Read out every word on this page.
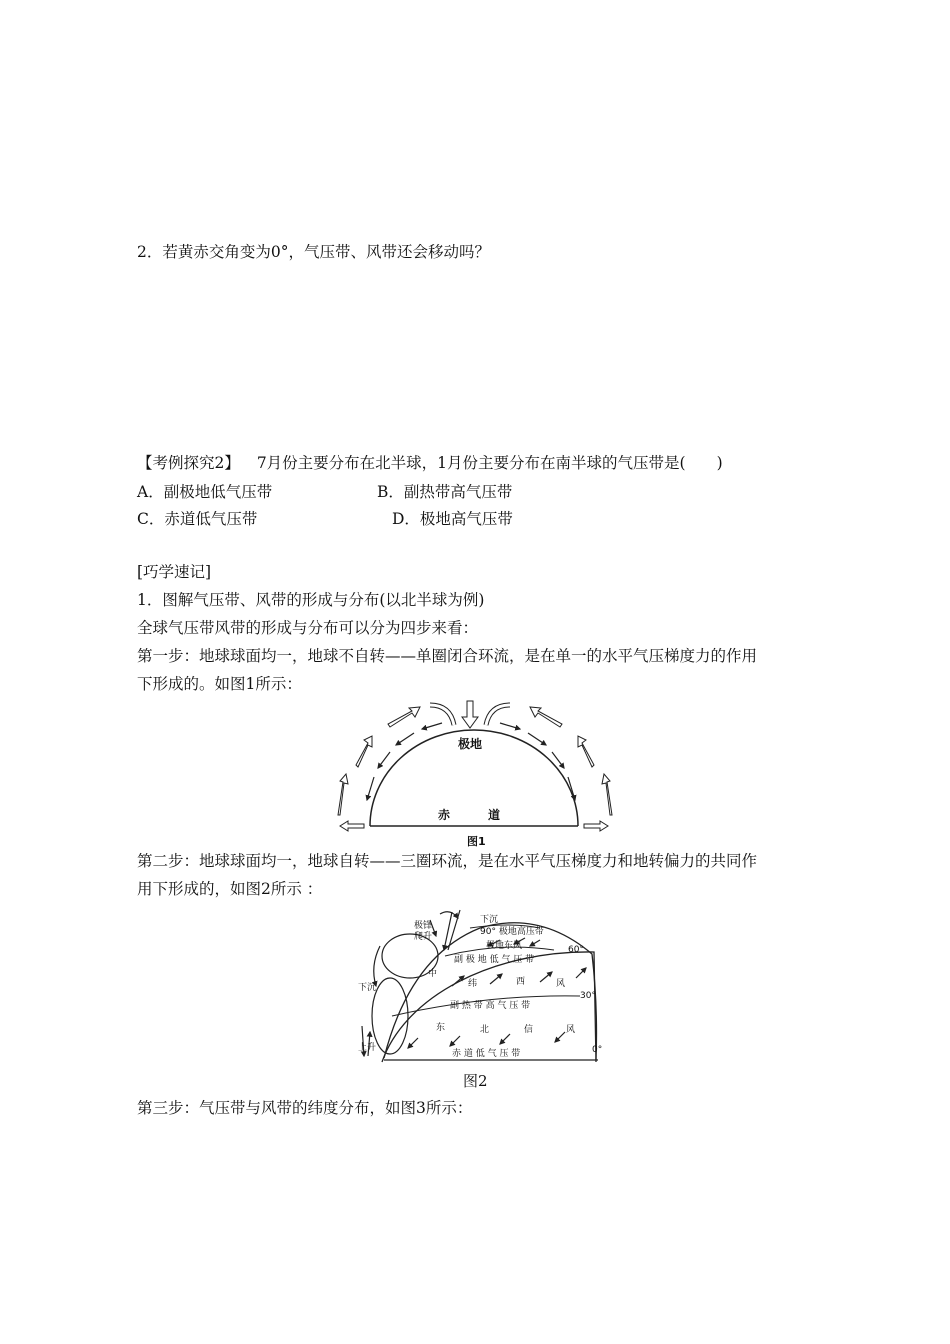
2．若黄赤交角变为0°，气压带、风带还会移动吗？
【考例探究2】 7月份主要分布在北半球，1月份主要分布在南半球的气压带是(　　)
A．副极地低气压带	B．副热带高气压带
C．赤道低气压带	D．极地高气压带
[巧学速记]
1．图解气压带、风带的形成与分布(以北半球为例)
全球气压带风带的形成与分布可以分为四步来看：
第一步：地球球面均一，地球不自转——单圈闭合环流，是在单一的水平气压梯度力的作用
下形成的。如图1所示：
极地
赤	道
图1
第二步：地球球面均一，地球自转——三圈环流，是在水平气压梯度力和地转偏力的共同作
用下形成的，如图2所示 ：
极锋
爬升
下沉
90° 极地高压带
极地东风	60°
副 极 地 低 气 压 带
下沉
中
纬	西	风
30°
副 热 带 高 气 压 带
东	北	信	风
上升	0°
赤 道 低 气 压 带
图2
第三步：气压带与风带的纬度分布，如图3所示：
